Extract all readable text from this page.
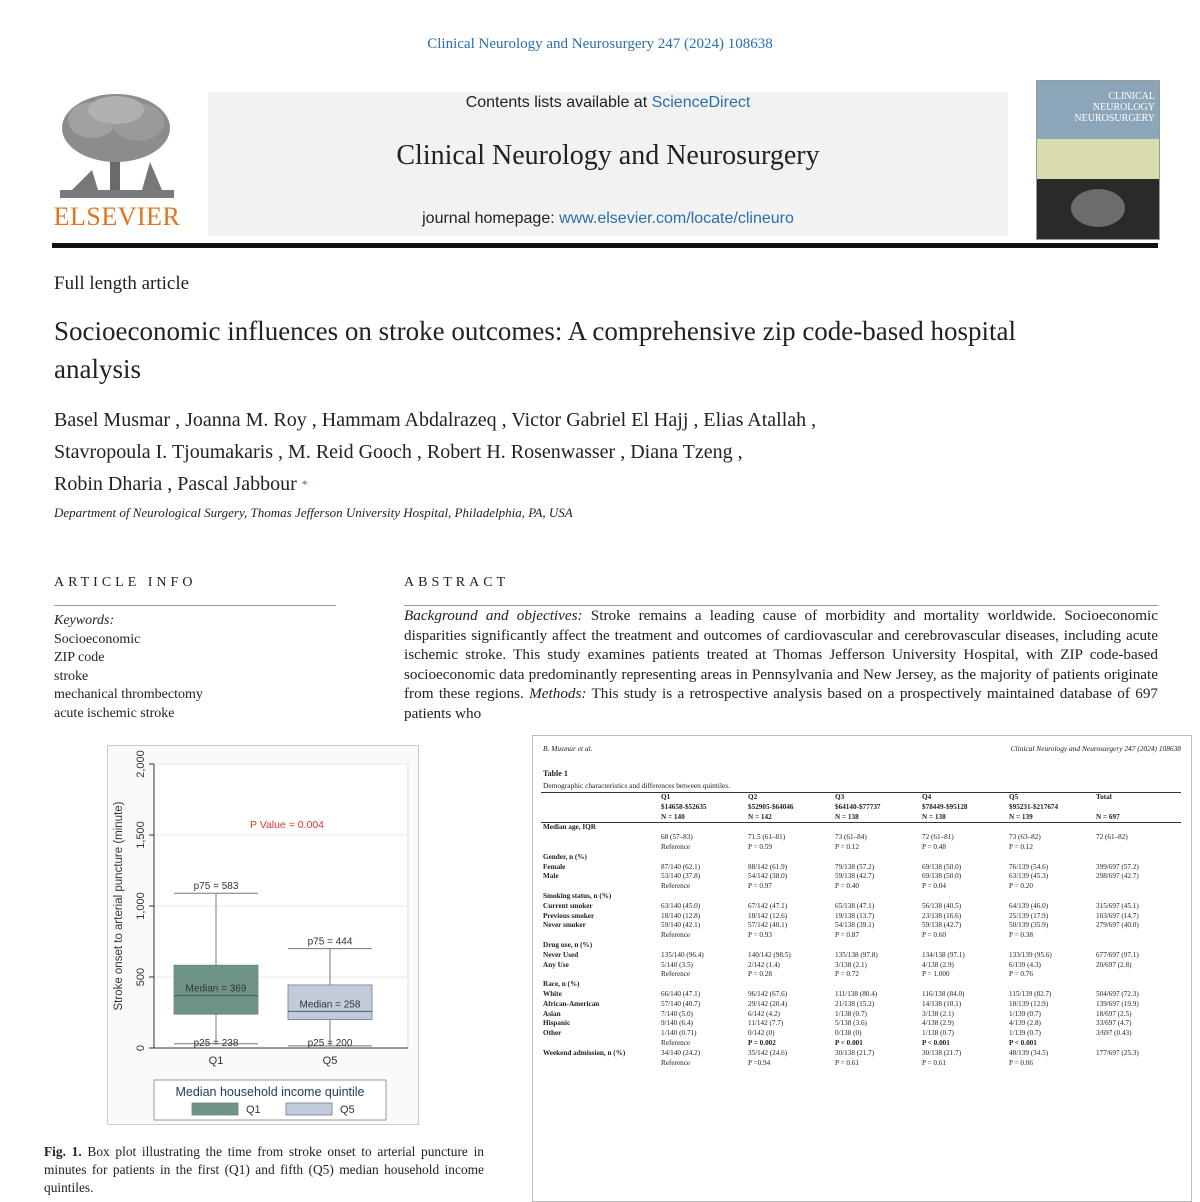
Clinical Neurology and Neurosurgery 247 (2024) 108638
ELSEVIER
Contents lists available at ScienceDirect
Clinical Neurology and Neurosurgery
journal homepage: www.elsevier.com/locate/clineuro
CLINICAL NEUROLOGY NEUROSURGERY
Full length article
Socioeconomic influences on stroke outcomes: A comprehensive zip code-based hospital analysis
Basel Musmar , Joanna M. Roy , Hammam Abdalrazeq , Victor Gabriel El Hajj , Elias Atallah ,
Stavropoula I. Tjoumakaris , M. Reid Gooch , Robert H. Rosenwasser , Diana Tzeng ,
Robin Dharia , Pascal Jabbour *
Department of Neurological Surgery, Thomas Jefferson University Hospital, Philadelphia, PA, USA
ARTICLE INFO
Keywords:
Socioeconomic
ZIP code
stroke
mechanical thrombectomy
acute ischemic stroke
ABSTRACT
Background and objectives: Stroke remains a leading cause of morbidity and mortality worldwide. Socioeconomic disparities significantly affect the treatment and outcomes of cardiovascular and cerebrovascular diseases, including acute ischemic stroke. This study examines patients treated at Thomas Jefferson University Hospital, with ZIP code-based socioeconomic data predominantly representing areas in Pennsylvania and New Jersey, as the majority of patients originate from these regions. Methods: This study is a retrospective analysis based on a prospectively maintained database of 697 patients who
0
500
1,000
1,500
2,000
Stroke onset to arterial puncture (minute)	P Value = 0.004
p75 = 583
Median = 369
p25 = 238
Q1
p75 = 444
Median = 258
p25 = 200
Q5
Median household income quintile
Q1	Q5
Fig. 1. Box plot illustrating the time from stroke onset to arterial puncture in minutes for patients in the first (Q1) and fifth (Q5) median household income quintiles.
B. Musmar et al.	Clinical Neurology and Neurosurgery 247 (2024) 108638
Table 1
Demographic characteristics and differences between quintiles.
	Q1	Q2	Q3	Q4	Q5	Total
	$14658-$52635	$52905-$64046	$64140-$77737	$78449-$95128	$95231-$217674	
	N = 140	N = 142	N = 138	N = 138	N = 139	N = 697
Median age, IQR						
	68 (57–83)	71.5 (61–81)	73 (61–84)	72 (61–81)	73 (63–82)	72 (61–82)
	Reference	P = 0.59	P = 0.12	P = 0.48	P = 0.12	
Gender, n (%)						
Female	87/140 (62.1)	88/142 (61.9)	79/138 (57.2)	69/138 (50.0)	76/139 (54.6)	399/697 (57.2)
Male	53/140 (37.8)	54/142 (38.0)	59/138 (42.7)	69/138 (50.0)	63/139 (45.3)	298/697 (42.7)
	Reference	P = 0.97	P = 0.40	P = 0.04	P = 0.20	
Smoking status, n (%)						
Current smoker	63/140 (45.0)	67/142 (47.1)	65/138 (47.1)	56/138 (40.5)	64/139 (46.0)	315/697 (45.1)
Previous smoker	18/140 (12.8)	18/142 (12.6)	19/138 (13.7)	23/138 (16.6)	25/139 (17.9)	103/697 (14.7)
Never smoker	59/140 (42.1)	57/142 (40.1)	54/138 (39.1)	59/138 (42.7)	50/139 (35.9)	279/697 (40.0)
	Reference	P = 0.93	P = 0.87	P = 0.60	P = 0.38	
Drug use, n (%)						
Never Used	135/140 (96.4)	140/142 (98.5)	135/138 (97.8)	134/138 (97.1)	133/139 (95.6)	677/697 (97.1)
Any Use	5/140 (3.5)	2/142 (1.4)	3/138 (2.1)	4/138 (2.9)	6/139 (4.3)	20/697 (2.8)
	Reference	P = 0.28	P = 0.72	P = 1.000	P = 0.76	
Race, n (%)						
White	66/140 (47.1)	96/142 (67.6)	111/138 (80.4)	116/138 (84.0)	115/139 (82.7)	504/697 (72.3)
African-American	57/140 (40.7)	29/142 (20.4)	21/138 (15.2)	14/138 (10.1)	18/139 (12.9)	139/697 (19.9)
Asian	7/140 (5.0)	6/142 (4.2)	1/138 (0.7)	3/138 (2.1)	1/139 (0.7)	18/697 (2.5)
Hispanic	9/140 (6.4)	11/142 (7.7)	5/138 (3.6)	4/138 (2.9)	4/139 (2.8)	33/697 (4.7)
Other	1/140 (0.71)	0/142 (0)	0/138 (0)	1/138 (0.7)	1/139 (0.7)	3/697 (0.43)
	Reference	P = 0.002	P < 0.001	P < 0.001	P < 0.001	
Weekend admission, n (%)	34/140 (24.2)	35/142 (24.6)	30/138 (21.7)	30/138 (21.7)	48/139 (34.5)	177/697 (25.3)
	Reference	P =0.94	P = 0.61	P = 0.61	P = 0.06	
